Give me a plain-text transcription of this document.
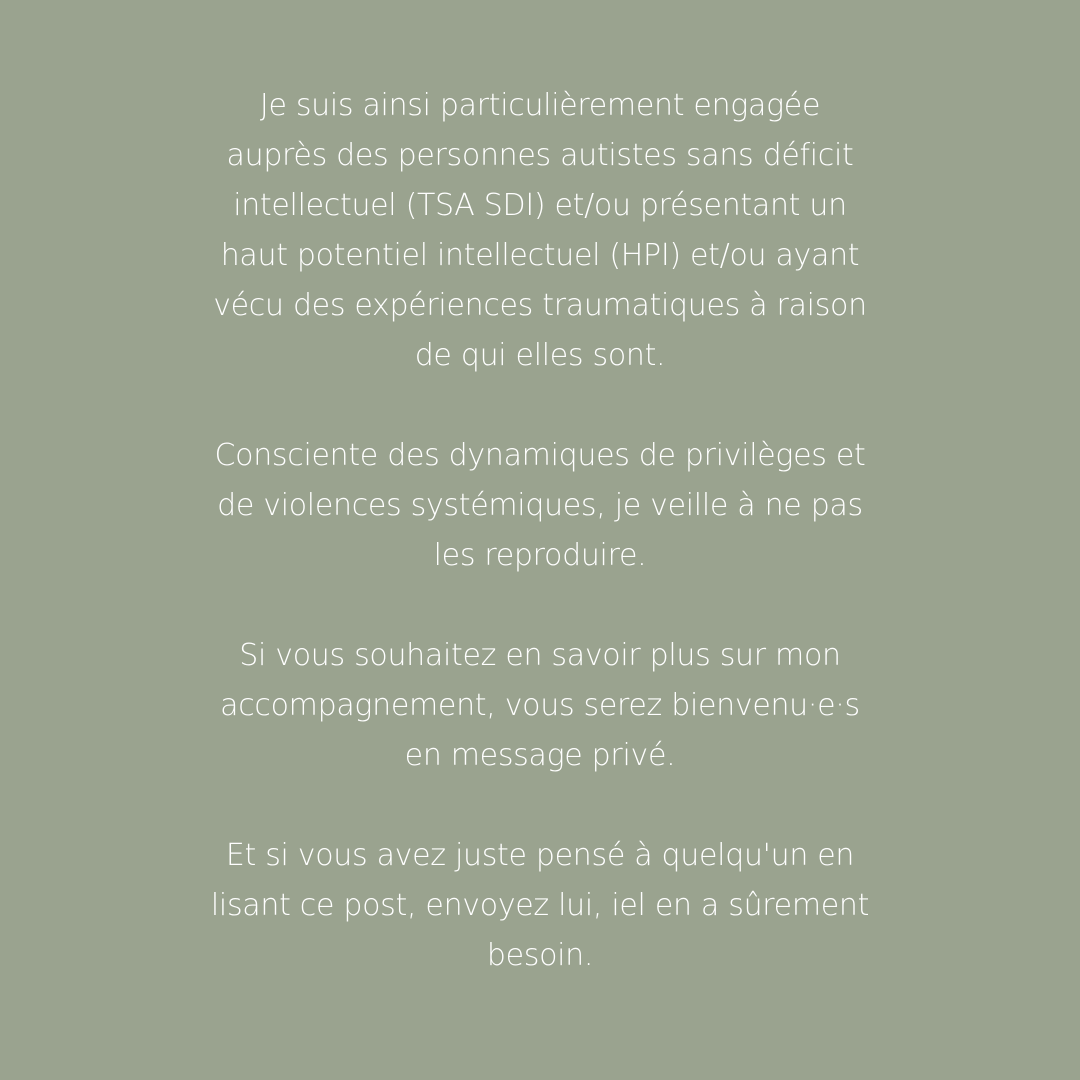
Je suis ainsi particulièrement engagée
auprès des personnes autistes sans déficit
intellectuel (TSA SDI) et/ou présentant un
haut potentiel intellectuel (HPI) et/ou ayant
vécu des expériences traumatiques à raison
de qui elles sont.

Consciente des dynamiques de privilèges et
de violences systémiques, je veille à ne pas
les reproduire.

Si vous souhaitez en savoir plus sur mon
accompagnement, vous serez bienvenu·e·s
en message privé.

Et si vous avez juste pensé à quelqu'un en
lisant ce post, envoyez lui, iel en a sûrement
besoin.
